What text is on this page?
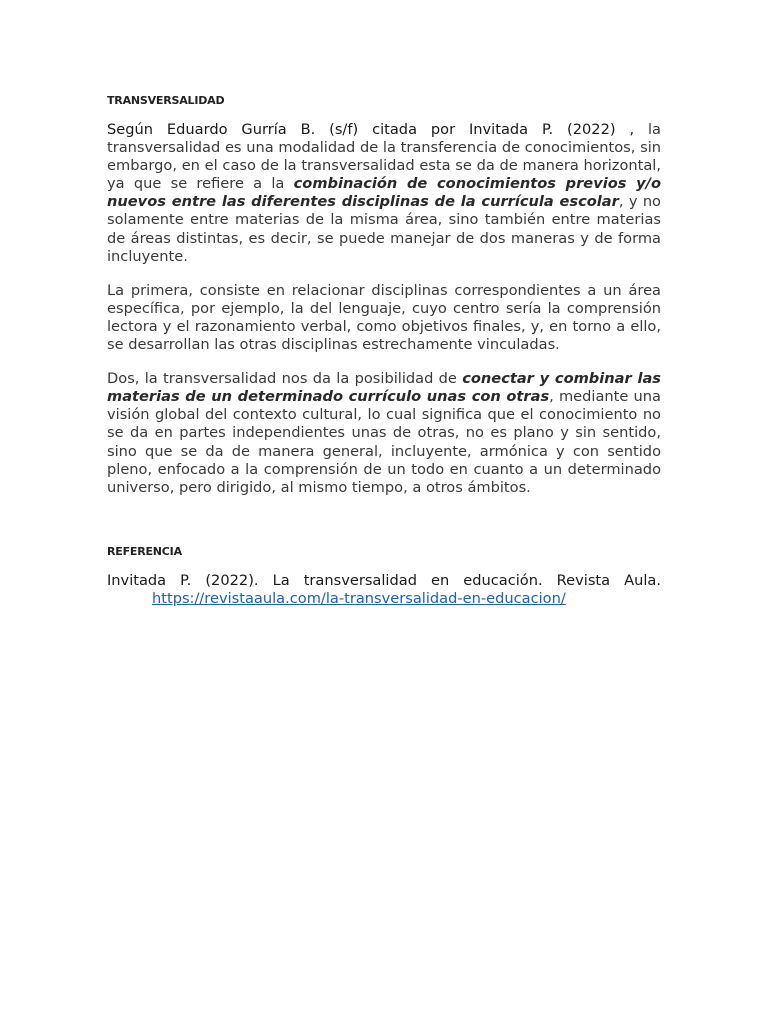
TRANSVERSALIDAD

Según Eduardo Gurría B. (s/f) citada por Invitada P. (2022) , la transversalidad es una modalidad de la transferencia de conocimientos, sin embargo, en el caso de la transversalidad esta se da de manera horizontal, ya que se refiere a la combinación de conocimientos previos y/o nuevos entre las diferentes disciplinas de la currícula escolar, y no solamente entre materias de la misma área, sino también entre materias de áreas distintas, es decir, se puede manejar de dos maneras y de forma incluyente.

La primera, consiste en relacionar disciplinas correspondientes a un área específica, por ejemplo, la del lenguaje, cuyo centro sería la comprensión lectora y el razonamiento verbal, como objetivos finales, y, en torno a ello, se desarrollan las otras disciplinas estrechamente vinculadas.

Dos, la transversalidad nos da la posibilidad de conectar y combinar las materias de un determinado currículo unas con otras, mediante una visión global del contexto cultural, lo cual significa que el conocimiento no se da en partes independientes unas de otras, no es plano y sin sentido, sino que se da de manera general, incluyente, armónica y con sentido pleno, enfocado a la comprensión de un todo en cuanto a un determinado universo, pero dirigido, al mismo tiempo, a otros ámbitos.

REFERENCIA
Invitada P. (2022). La transversalidad en educación. Revista Aula.
https://revistaaula.com/la-transversalidad-en-educacion/
